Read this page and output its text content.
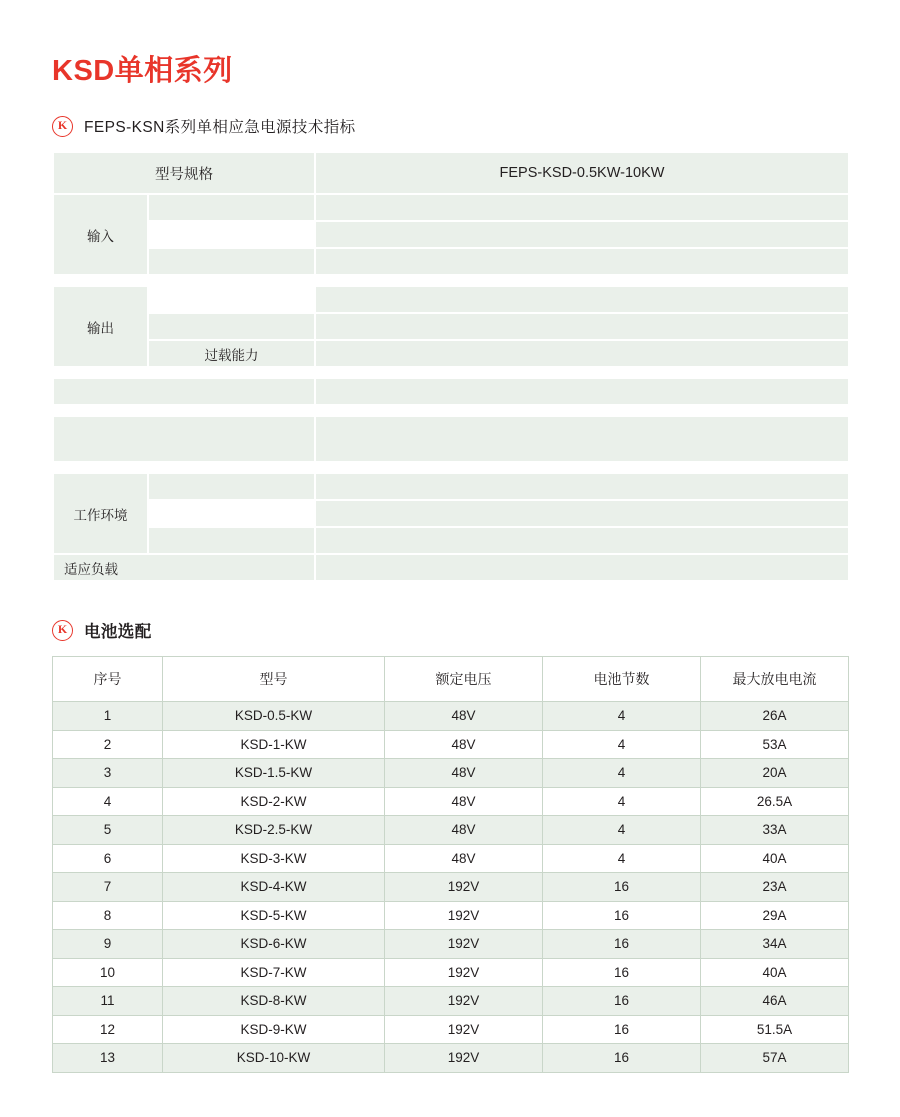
KSD单相系列
K	FEPS-KSN系列单相应急电源技术指标
型号规格		FEPS-KSD-0.5KW-10KW
输入		

输出		

	过载能力	

工作环境		

适应负载		
K	电池选配
序号	型号	额定电压	电池节数	最大放电电流
1	KSD-0.5-KW	48V	4	26A
2	KSD-1-KW	48V	4	53A
3	KSD-1.5-KW	48V	4	20A
4	KSD-2-KW	48V	4	26.5A
5	KSD-2.5-KW	48V	4	33A
6	KSD-3-KW	48V	4	40A
7	KSD-4-KW	192V	16	23A
8	KSD-5-KW	192V	16	29A
9	KSD-6-KW	192V	16	34A
10	KSD-7-KW	192V	16	40A
11	KSD-8-KW	192V	16	46A
12	KSD-9-KW	192V	16	51.5A
13	KSD-10-KW	192V	16	57A
